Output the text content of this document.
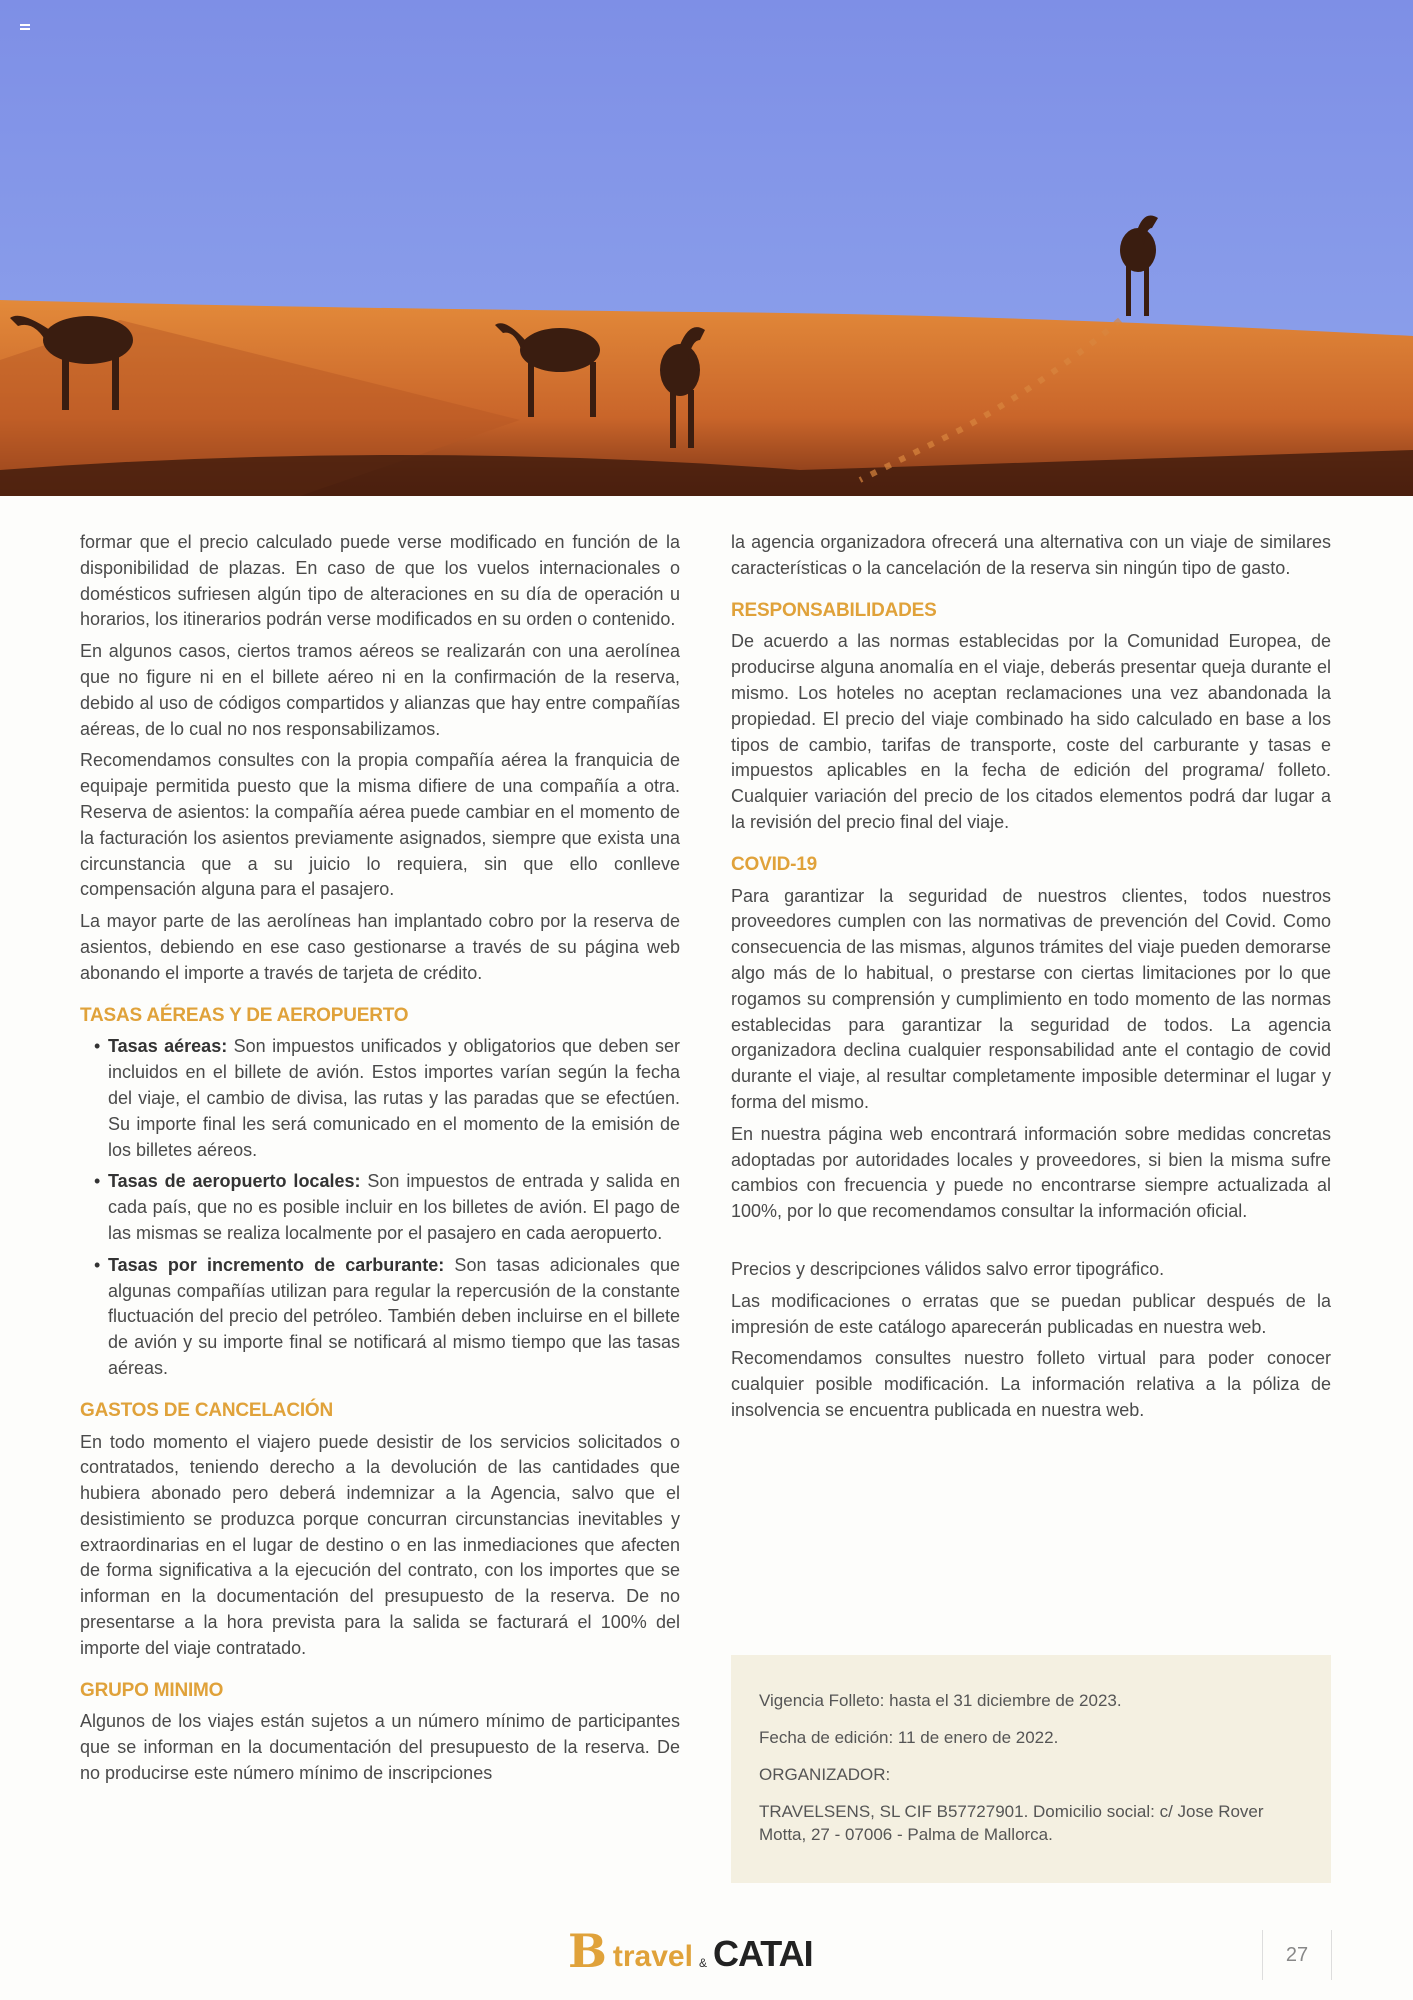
formar que el precio calculado puede verse modificado en función de la disponibilidad de plazas. En caso de que los vuelos internacionales o domésticos sufriesen algún tipo de alteraciones en su día de operación u horarios, los itinerarios podrán verse modificados en su orden o contenido.

En algunos casos, ciertos tramos aéreos se realizarán con una aerolínea que no figure ni en el billete aéreo ni en la confirmación de la reserva, debido al uso de códigos compartidos y alianzas que hay entre compañías aéreas, de lo cual no nos responsabilizamos.

Recomendamos consultes con la propia compañía aérea la franquicia de equipaje permitida puesto que la misma difiere de una compañía a otra. Reserva de asientos: la compañía aérea puede cambiar en el momento de la facturación los asientos previamente asignados, siempre que exista una circunstancia que a su juicio lo requiera, sin que ello conlleve compensación alguna para el pasajero.

La mayor parte de las aerolíneas han implantado cobro por la reserva de asientos, debiendo en ese caso gestionarse a través de su página web abonando el importe a través de tarjeta de crédito.

TASAS AÉREAS Y DE AEROPUERTO
• Tasas aéreas: Son impuestos unificados y obligatorios que deben ser incluidos en el billete de avión. Estos importes varían según la fecha del viaje, el cambio de divisa, las rutas y las paradas que se efectúen. Su importe final les será comunicado en el momento de la emisión de los billetes aéreos.
• Tasas de aeropuerto locales: Son impuestos de entrada y salida en cada país, que no es posible incluir en los billetes de avión. El pago de las mismas se realiza localmente por el pasajero en cada aeropuerto.
• Tasas por incremento de carburante: Son tasas adicionales que algunas compañías utilizan para regular la repercusión de la constante fluctuación del precio del petróleo. También deben incluirse en el billete de avión y su importe final se notificará al mismo tiempo que las tasas aéreas.
GASTOS DE CANCELACIÓN

En todo momento el viajero puede desistir de los servicios solicitados o contratados, teniendo derecho a la devolución de las cantidades que hubiera abonado pero deberá indemnizar a la Agencia, salvo que el desistimiento se produzca porque concurran circunstancias inevitables y extraordinarias en el lugar de destino o en las inmediaciones que afecten de forma significativa a la ejecución del contrato, con los importes que se informan en la documentación del presupuesto de la reserva. De no presentarse a la hora prevista para la salida se facturará el 100% del importe del viaje contratado.

GRUPO MINIMO

Algunos de los viajes están sujetos a un número mínimo de participantes que se informan en la documentación del presupuesto de la reserva. De no producirse este número mínimo de inscripciones

la agencia organizadora ofrecerá una alternativa con un viaje de similares características o la cancelación de la reserva sin ningún tipo de gasto.

RESPONSABILIDADES

De acuerdo a las normas establecidas por la Comunidad Europea, de producirse alguna anomalía en el viaje, deberás presentar queja durante el mismo. Los hoteles no aceptan reclamaciones una vez abandonada la propiedad. El precio del viaje combinado ha sido calculado en base a los tipos de cambio, tarifas de transporte, coste del carburante y tasas e impuestos aplicables en la fecha de edición del programa/ folleto. Cualquier variación del precio de los citados elementos podrá dar lugar a la revisión del precio final del viaje.

COVID-19

Para garantizar la seguridad de nuestros clientes, todos nuestros proveedores cumplen con las normativas de prevención del Covid. Como consecuencia de las mismas, algunos trámites del viaje pueden demorarse algo más de lo habitual, o prestarse con ciertas limitaciones por lo que rogamos su comprensión y cumplimiento en todo momento de las normas establecidas para garantizar la seguridad de todos. La agencia organizadora declina cualquier responsabilidad ante el contagio de covid durante el viaje, al resultar completamente imposible determinar el lugar y forma del mismo.

En nuestra página web encontrará información sobre medidas concretas adoptadas por autoridades locales y proveedores, si bien la misma sufre cambios con frecuencia y puede no encontrarse siempre actualizada al 100%, por lo que recomendamos consultar la información oficial.

Precios y descripciones válidos salvo error tipográfico.

Las modificaciones o erratas que se puedan publicar después de la impresión de este catálogo aparecerán publicadas en nuestra web.

Recomendamos consultes nuestro folleto virtual para poder conocer cualquier posible modificación. La información relativa a la póliza de insolvencia se encuentra publicada en nuestra web.

Vigencia Folleto: hasta el 31 diciembre de 2023.

Fecha de edición: 11 de enero de 2022.

ORGANIZADOR:

TRAVELSENS, SL CIF B57727901. Domicilio social: c/ Jose Rover Motta, 27 - 07006 - Palma de Mallorca.

B travel & CATAI	27
